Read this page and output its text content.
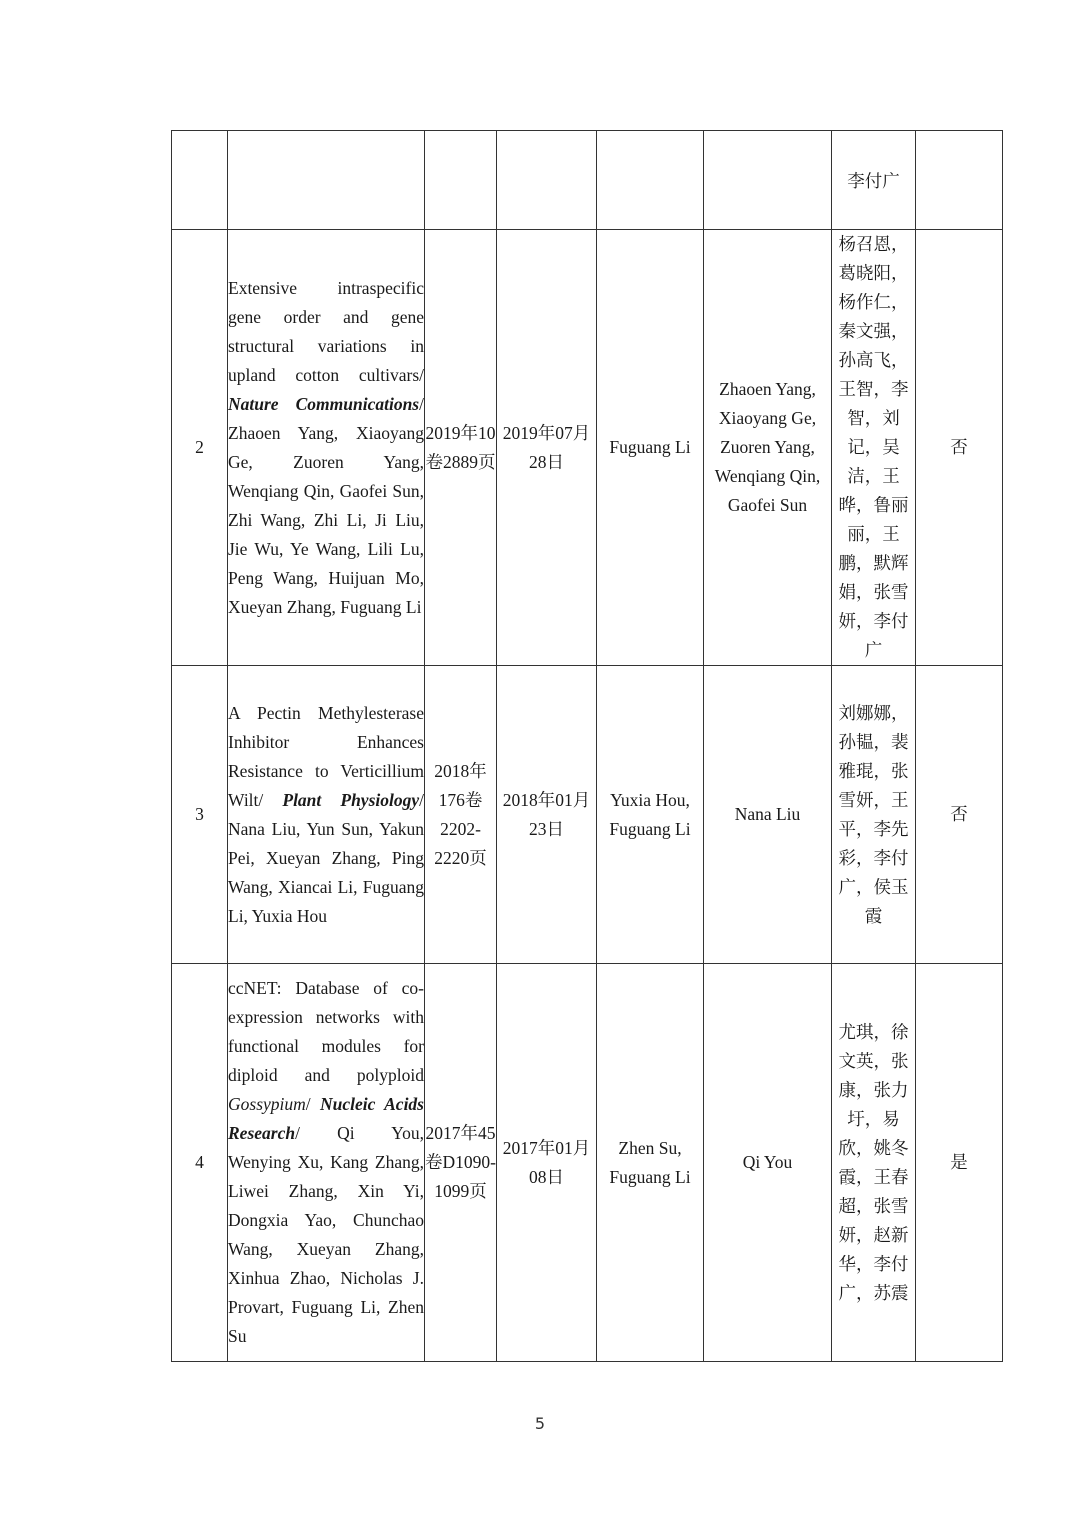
						李付广	
2	Extensive intraspecific gene order and gene structural variations in upland cotton cultivars/ Nature Communications/ Zhaoen Yang, Xiaoyang Ge, Zuoren Yang, Wenqiang Qin, Gaofei Sun, Zhi Wang, Zhi Li, Ji Liu, Jie Wu, Ye Wang, Lili Lu, Peng Wang, Huijuan Mo, Xueyan Zhang, Fuguang Li	2019年10卷2889页	2019年07月28日	Fuguang Li	Zhaoen Yang, Xiaoyang Ge, Zuoren Yang, Wenqiang Qin, Gaofei Sun	杨召恩，葛晓阳，杨作仁，秦文强，孙高飞，王智，李智，刘记，吴洁，王晔，鲁丽丽，王鹏，默辉娟，张雪妍，李付广	否
3	A Pectin Methylesterase Inhibitor Enhances Resistance to Verticillium Wilt/ Plant Physiology/ Nana Liu, Yun Sun, Yakun Pei, Xueyan Zhang, Ping Wang, Xiancai Li, Fuguang Li, Yuxia Hou	2018年176卷2202-2220页	2018年01月23日	Yuxia Hou, Fuguang Li	Nana Liu	刘娜娜，孙韫，裴雅琨，张雪妍，王平，李先彩，李付广，侯玉霞	否
4	ccNET: Database of co-expression networks with functional modules for diploid and polyploid Gossypium/ Nucleic Acids Research/ Qi You, Wenying Xu, Kang Zhang, Liwei Zhang, Xin Yi, Dongxia Yao, Chunchao Wang, Xueyan Zhang, Xinhua Zhao, Nicholas J. Provart, Fuguang Li, Zhen Su	2017年45卷D1090-1099页	2017年01月08日	Zhen Su, Fuguang Li	Qi You	尤琪，徐文英，张康，张力圩，易欣，姚冬霞，王春超，张雪妍，赵新华，李付广，苏震	是
5
